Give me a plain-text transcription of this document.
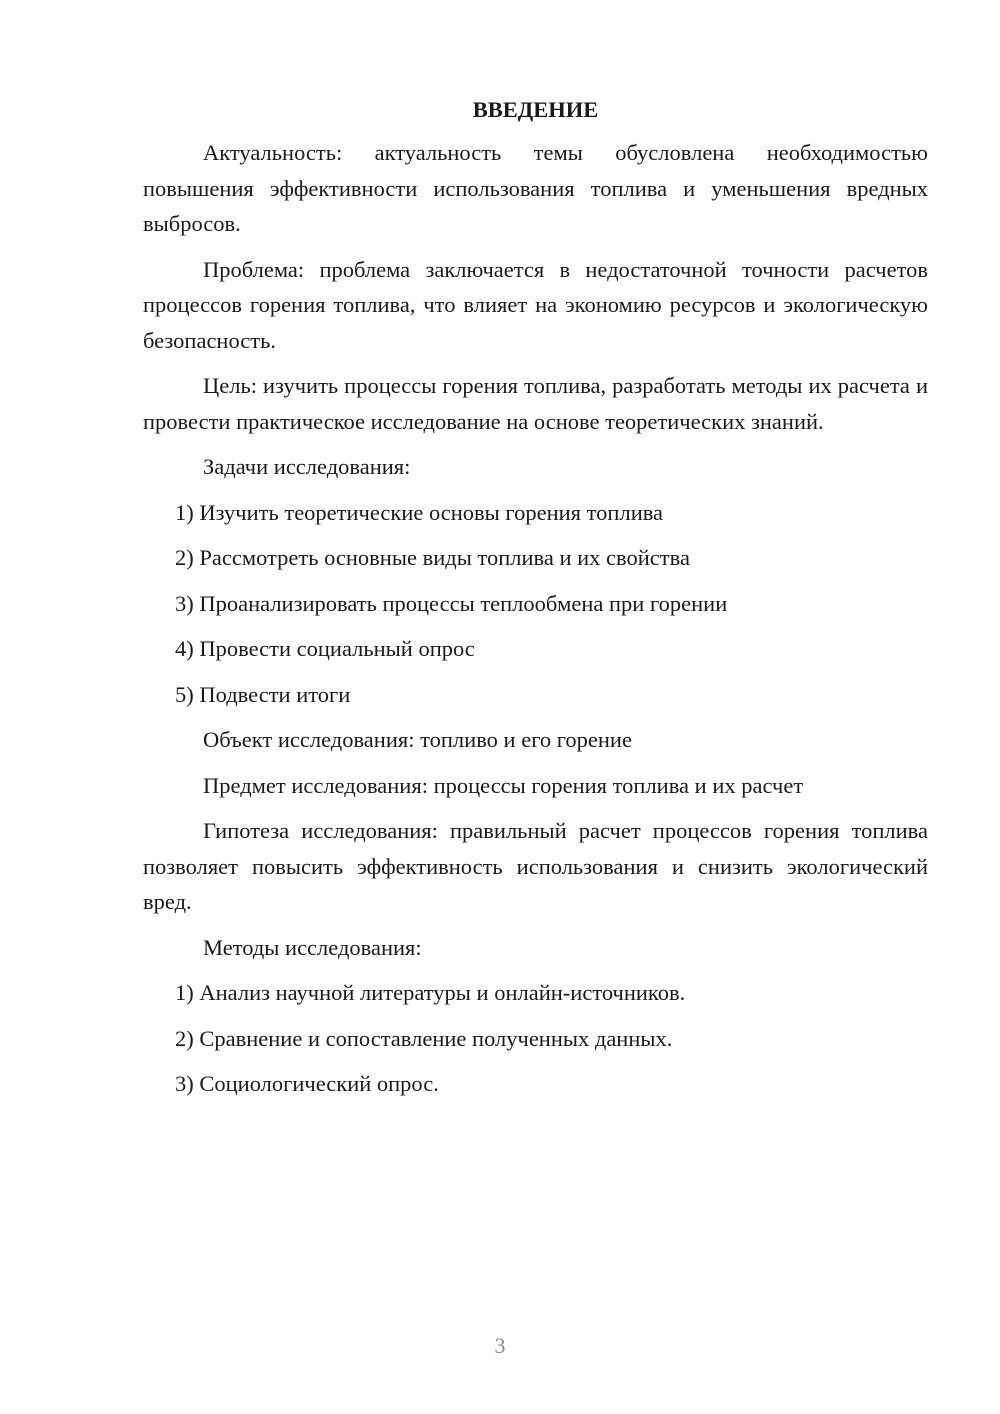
ВВЕДЕНИЕ

Актуальность: актуальность темы обусловлена необходимостью повышения эффективности использования топлива и уменьшения вредных выбросов.

Проблема: проблема заключается в недостаточной точности расчетов процессов горения топлива, что влияет на экономию ресурсов и экологическую безопасность.

Цель: изучить процессы горения топлива, разработать методы их расчета и провести практическое исследование на основе теоретических знаний.

Задачи исследования:

1) Изучить теоретические основы горения топлива

2) Рассмотреть основные виды топлива и их свойства

3) Проанализировать процессы теплообмена при горении

4) Провести социальный опрос

5) Подвести итоги

Объект исследования: топливо и его горение

Предмет исследования: процессы горения топлива и их расчет

Гипотеза исследования: правильный расчет процессов горения топлива позволяет повысить эффективность использования и снизить экологический вред.

Методы исследования:

1) Анализ научной литературы и онлайн-источников.

2) Сравнение и сопоставление полученных данных.

3) Социологический опрос.

3
